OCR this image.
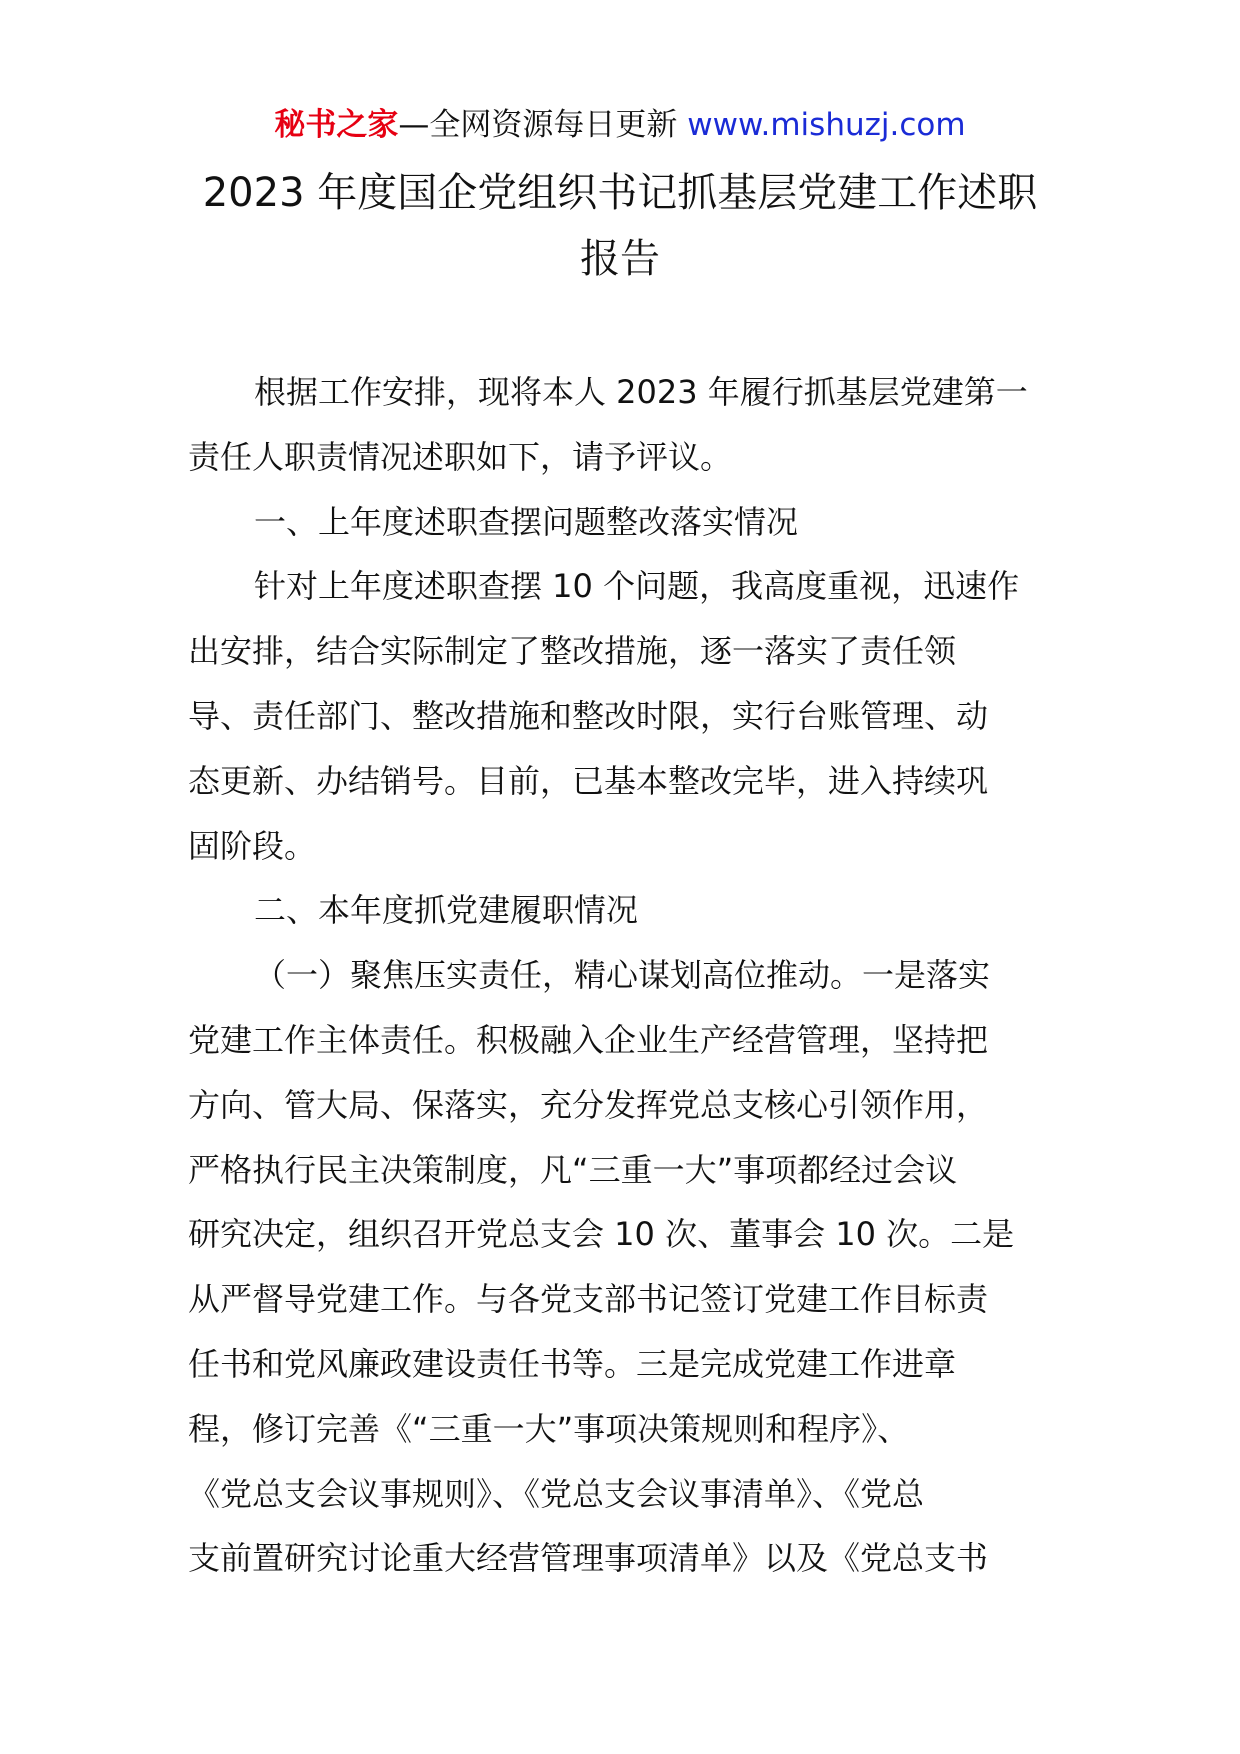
秘书之家—全网资源每日更新 www.mishuzj.com
2023 年度国企党组织书记抓基层党建工作述职
报告
根据工作安排，现将本人 2023 年履行抓基层党建第一
责任人职责情况述职如下，请予评议。
一、上年度述职查摆问题整改落实情况
针对上年度述职查摆 10 个问题，我高度重视，迅速作
出安排，结合实际制定了整改措施，逐一落实了责任领
导、责任部门、整改措施和整改时限，实行台账管理、动
态更新、办结销号。目前，已基本整改完毕，进入持续巩
固阶段。
二、本年度抓党建履职情况
（一）聚焦压实责任，精心谋划高位推动。一是落实
党建工作主体责任。积极融入企业生产经营管理，坚持把
方向、管大局、保落实，充分发挥党总支核心引领作用，
严格执行民主决策制度，凡“三重一大”事项都经过会议
研究决定，组织召开党总支会 10 次、董事会 10 次。二是
从严督导党建工作。与各党支部书记签订党建工作目标责
任书和党风廉政建设责任书等。三是完成党建工作进章
程，修订完善《“三重一大”事项决策规则和程序》、
《党总支会议事规则》、《党总支会议事清单》、《党总
支前置研究讨论重大经营管理事项清单》以及《党总支书
